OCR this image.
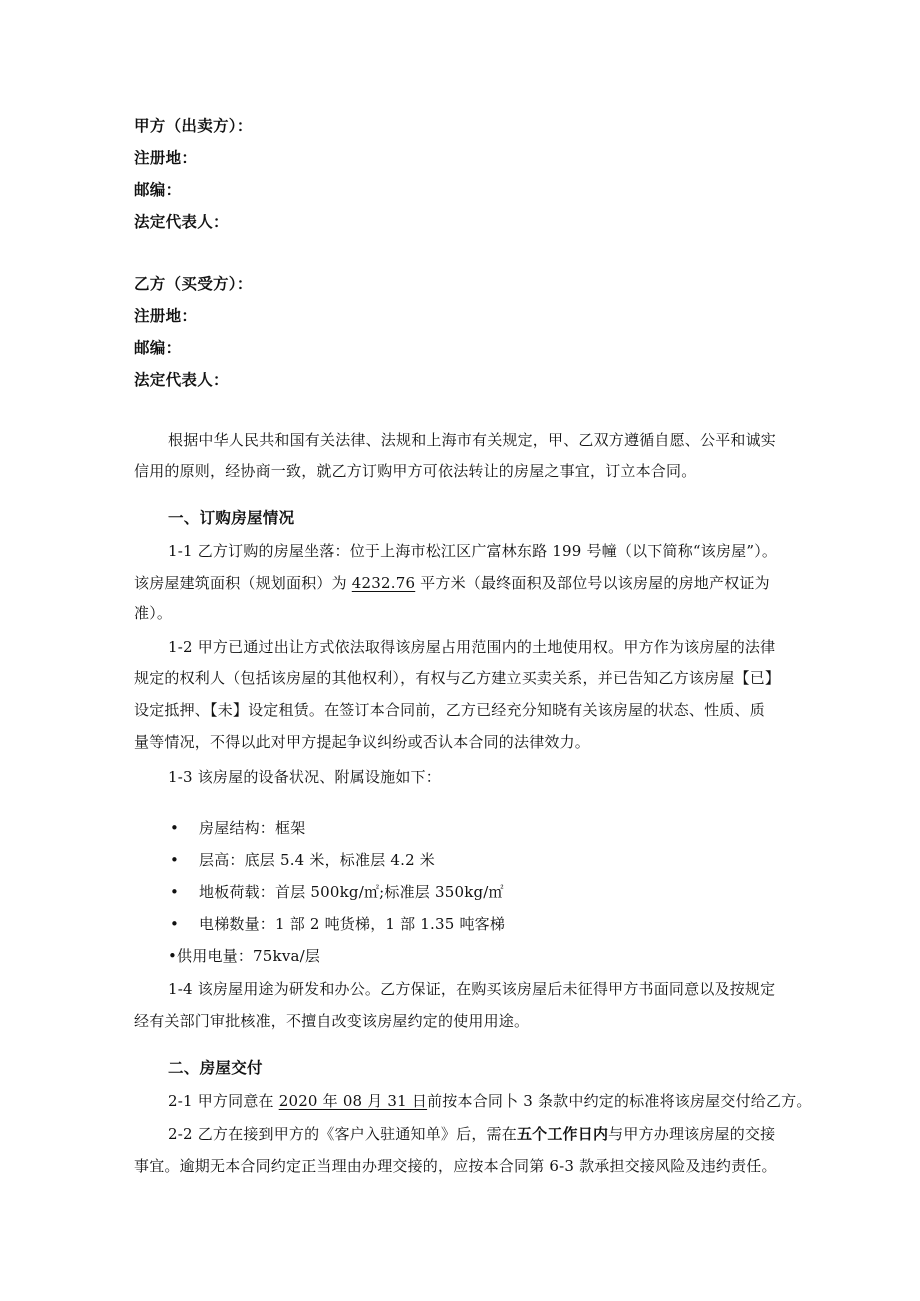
甲方（出卖方）：
注册地：
邮编：
法定代表人：
乙方（买受方）：
注册地：
邮编：
法定代表人：
根据中华人民共和国有关法律、法规和上海市有关规定，甲、乙双方遵循自愿、公平和诚实
信用的原则，经协商一致，就乙方订购甲方可依法转让的房屋之事宜，订立本合同。
一、订购房屋情况
1-1 乙方订购的房屋坐落：位于上海市松江区广富林东路 199 号幢（以下简称“该房屋”）。
该房屋建筑面积（规划面积）为 4232.76 平方米（最终面积及部位号以该房屋的房地产权证为
准）。
1-2 甲方已通过出让方式依法取得该房屋占用范围内的土地使用权。甲方作为该房屋的法律
规定的权利人（包括该房屋的其他权利），有权与乙方建立买卖关系，并已告知乙方该房屋【已】
设定抵押、【未】设定租赁。在签订本合同前，乙方已经充分知晓有关该房屋的状态、性质、质
量等情况，不得以此对甲方提起争议纠纷或否认本合同的法律效力。
1-3 该房屋的设备状况、附属设施如下：
• 房屋结构：框架
• 层高：底层 5.4 米，标准层 4.2 米
• 地板荷载：首层 500kg/㎡;标准层 350kg/㎡
• 电梯数量：1 部 2 吨货梯，1 部 1.35 吨客梯
•供用电量：75kva/层
1-4 该房屋用途为研发和办公。乙方保证，在购买该房屋后未征得甲方书面同意以及按规定
经有关部门审批核准，不擅自改变该房屋约定的使用用途。
二、房屋交付
2-1 甲方同意在 2020 年 08 月 31 日前按本合同卜 3 条款中约定的标准将该房屋交付给乙方。
2-2 乙方在接到甲方的《客户入驻通知单》后，需在五个工作日内与甲方办理该房屋的交接
事宜。逾期无本合同约定正当理由办理交接的，应按本合同第 6-3 款承担交接风险及违约责任。
